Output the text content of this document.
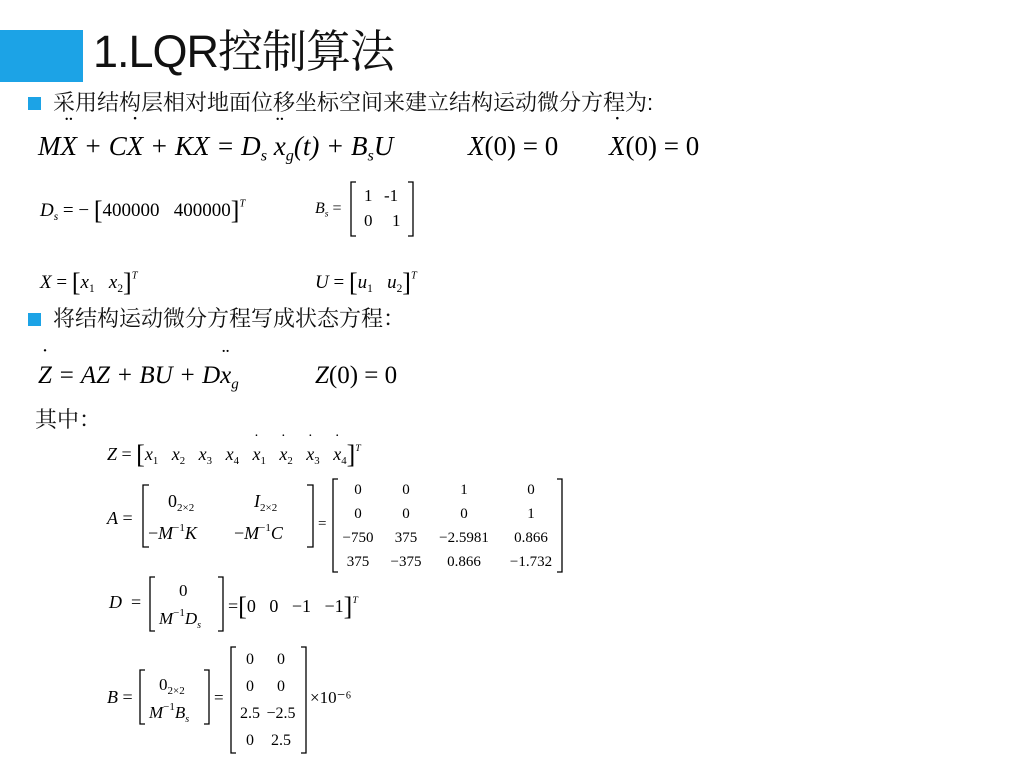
1.LQR控制算法
采用结构层相对地面位移坐标空间来建立结构运动微分方程为:
M¨ X + C˙ X + KX = $D_s$ ¨ $x_g(t) + B_sU$	X(0) = 0 ˙ X(0) = 0
$D_s$ = − [400000 400000]$^T$	$B_s$ =
1 -1
0 1
$X = [x_1$ $x_2]^T$	$U = [u_1$ $u_2]^T$
将结构运动微分方程写成状态方程：
˙ Z = AZ + BU + D¨ $x_g$	Z(0) = 0
其中：
$Z = [x_1$ $x_2$ $x_3$ $x_4$ ˙ $x_1$ ˙ $x_2$ ˙ $x_3$ ˙ $x_4]^T$
A =
$0_{2\times 2}$	$I_{2\times 2}$
$-M^{-1}K -M^{-1}C$ =
0	0	1	0
0	0	0	1
−750 375 −2.5981 0.866
375 −375 0.866 −1.732
D  =
0
$M^{-1}D_s$
=[0 0 −1 −1]$^T$
B =
$0_{2\times 2}$
$M^{-1}B_s$
=
0 0
0 0
2.5 −2.5
0 2.5
×10⁻⁶
